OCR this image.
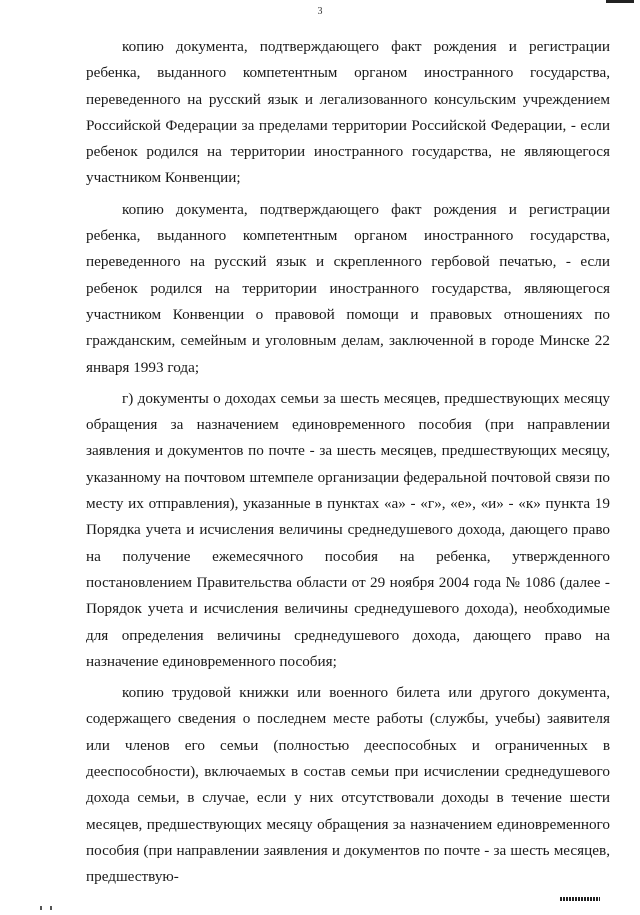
3

копию документа, подтверждающего факт рождения и регистрации ребенка, выданного компетентным органом иностранного государства, переведенного на русский язык и легализованного консульским учреждением Российской Федерации за пределами территории Российской Федерации, - если ребенок родился на территории иностранного государства, не являющегося участником Конвенции;

копию документа, подтверждающего факт рождения и регистрации ребенка, выданного компетентным органом иностранного государства, переведенного на русский язык и скрепленного гербовой печатью, - если ребенок родился на территории иностранного государства, являющегося участником Конвенции о правовой помощи и правовых отношениях по гражданским, семейным и уголовным делам, заключенной в городе Минске 22 января 1993 года;

г) документы о доходах семьи за шесть месяцев, предшествующих месяцу обращения за назначением единовременного пособия (при направлении заявления и документов по почте - за шесть месяцев, предшествующих месяцу, указанному на почтовом штемпеле организации федеральной почтовой связи по месту их отправления), указанные в пунктах «а» - «г», «е», «и» - «к» пункта 19 Порядка учета и исчисления величины среднедушевого дохода, дающего право на получение ежемесячного пособия на ребенка, утвержденного постановлением Правительства области от 29 ноября 2004 года № 1086 (далее - Порядок учета и исчисления величины среднедушевого дохода), необходимые для определения величины среднедушевого дохода, дающего право на назначение единовременного пособия;

копию трудовой книжки или военного билета или другого документа, содержащего сведения о последнем месте работы (службы, учебы) заявителя или членов его семьи (полностью дееспособных и ограниченных в дееспособности), включаемых в состав семьи при исчислении среднедушевого дохода семьи, в случае, если у них отсутствовали доходы в течение шести месяцев, предшествующих месяцу обращения за назначением единовременного пособия (при направлении заявления и документов по почте - за шесть месяцев, предшествую-
